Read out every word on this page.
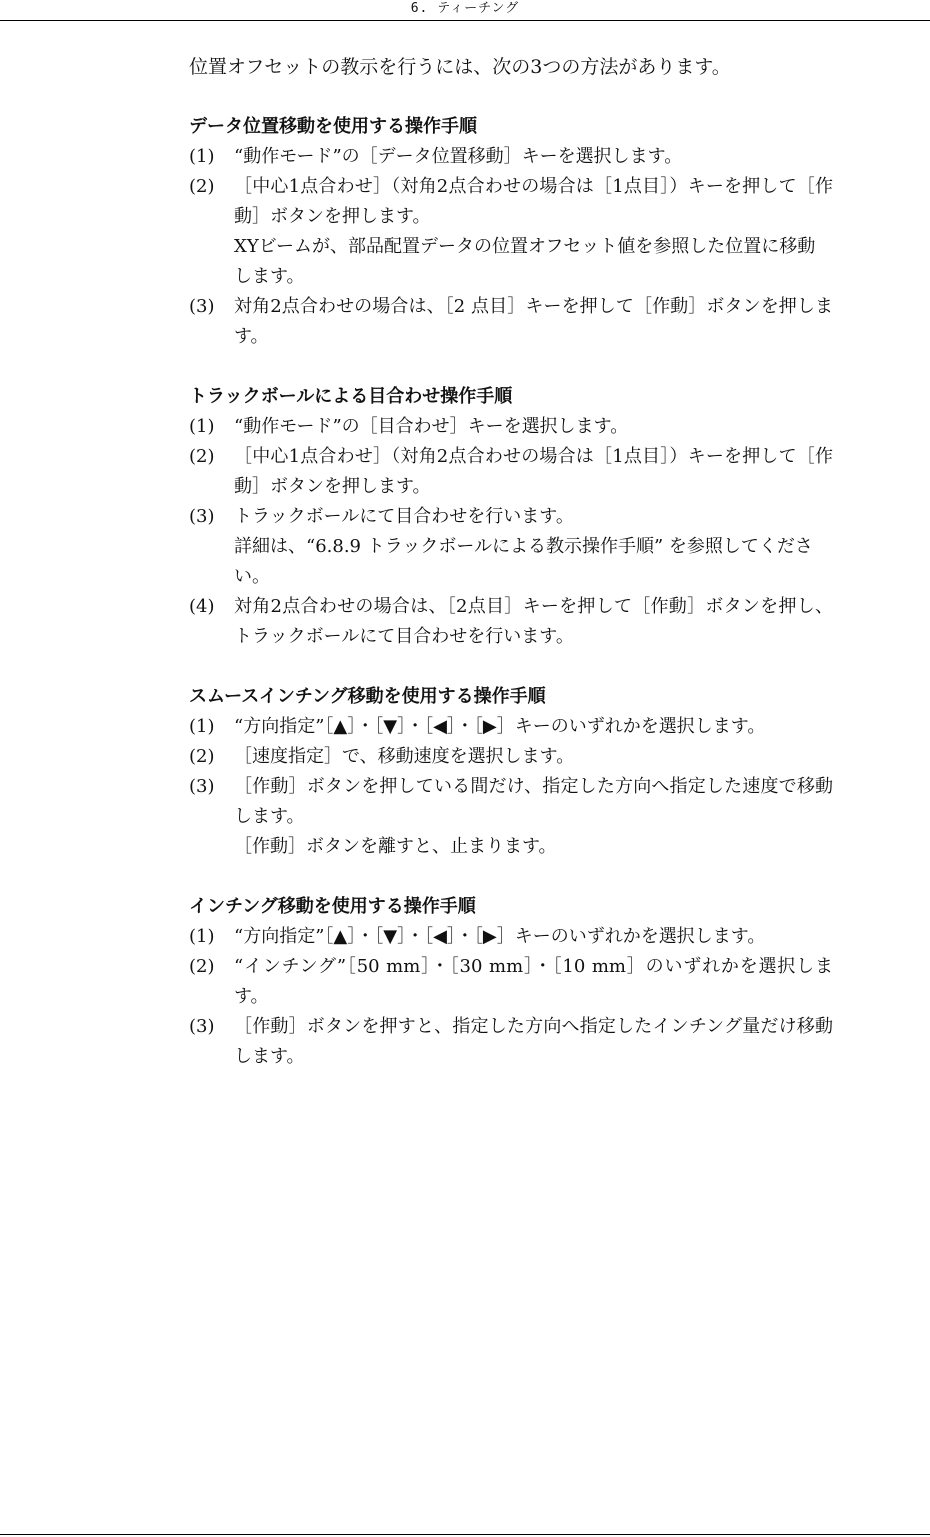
6. ティーチング

位置オフセットの教示を行うには、次の3つの方法があります。

データ位置移動を使用する操作手順
(1) “動作モード”の［データ位置移動］キーを選択します。
(2) ［中心1点合わせ］（対角2点合わせの場合は［1点目］）キーを押して［作動］ボタンを押します。
XYビームが、部品配置データの位置オフセット値を参照した位置に移動します。
(3) 対角2点合わせの場合は、［2 点目］キーを押して［作動］ボタンを押します。
トラックボールによる目合わせ操作手順
(1) “動作モード”の［目合わせ］キーを選択します。
(2) ［中心1点合わせ］（対角2点合わせの場合は［1点目］）キーを押して［作動］ボタンを押します。
(3) トラックボールにて目合わせを行います。
詳細は、“6.8.9 トラックボールによる教示操作手順” を参照してください。
(4) 対角2点合わせの場合は、［2点目］キーを押して［作動］ボタンを押し、トラックボールにて目合わせを行います。
スムースインチング移動を使用する操作手順
(1) “方向指定”［▲］・［▼］・［◀］・［▶］キーのいずれかを選択します。
(2) ［速度指定］で、移動速度を選択します。
(3) ［作動］ボタンを押している間だけ、指定した方向へ指定した速度で移動します。
［作動］ボタンを離すと、止まります。
インチング移動を使用する操作手順
(1) “方向指定”［▲］・［▼］・［◀］・［▶］キーのいずれかを選択します。
(2) “インチング”［50 mm］・［30 mm］・［10 mm］のいずれかを選択します。
(3) ［作動］ボタンを押すと、指定した方向へ指定したインチング量だけ移動します。
